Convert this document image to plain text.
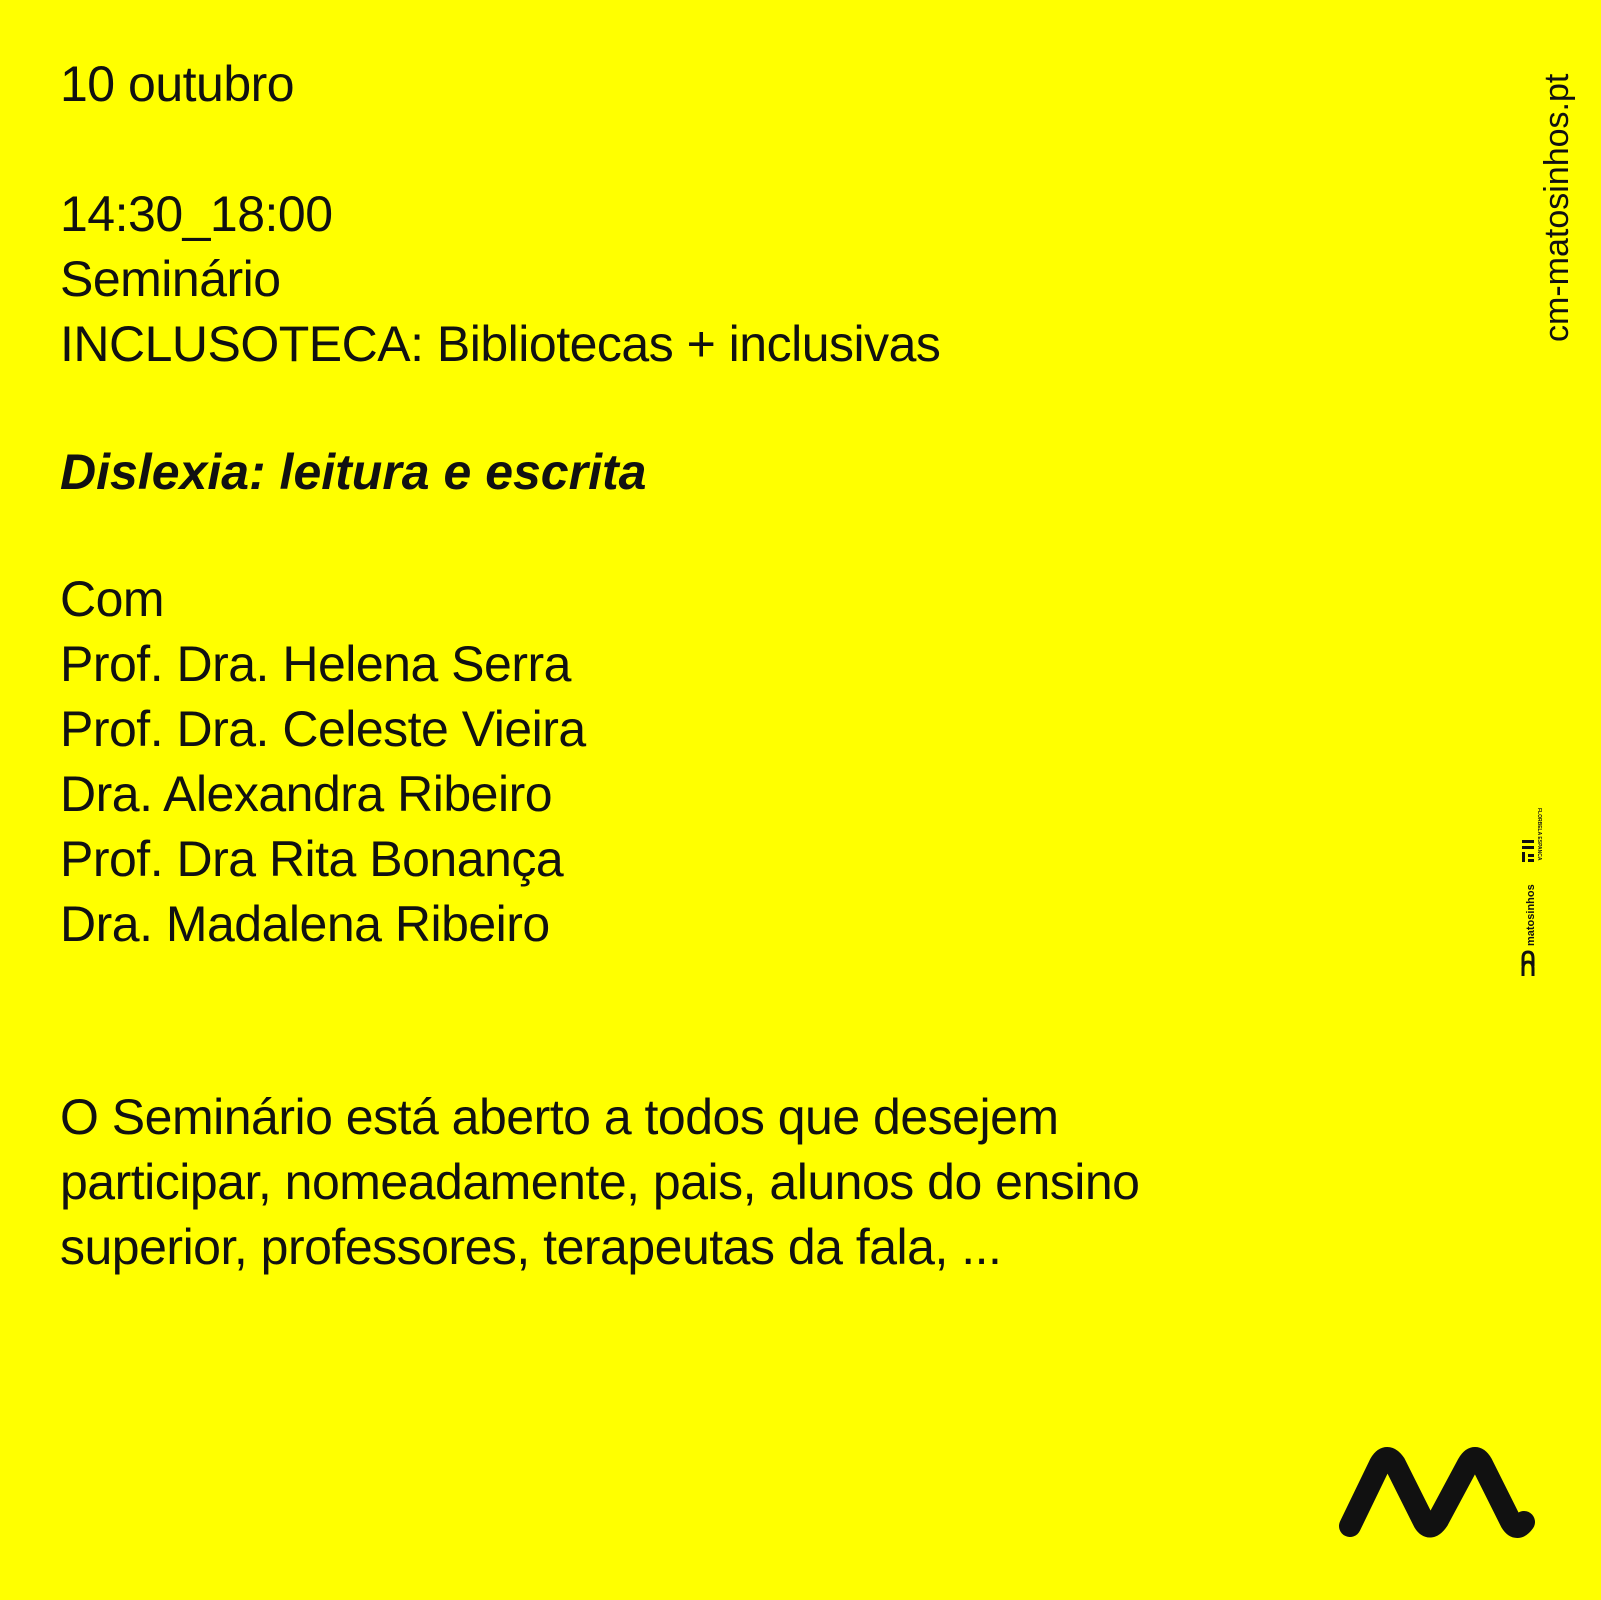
10 outubro
14:30_18:00
Seminário
INCLUSOTECA: Bibliotecas + inclusivas
Dislexia: leitura e escrita
Com
Prof. Dra. Helena Serra
Prof. Dra. Celeste Vieira
Dra. Alexandra Ribeiro
Prof. Dra Rita Bonança
Dra. Madalena Ribeiro
O Seminário está aberto a todos que desejem
participar, nomeadamente, pais, alunos do ensino
superior, professores, terapeutas da fala, ...
cm-matosinhos.pt
FLORBELA ESPANCA
matosinhos
